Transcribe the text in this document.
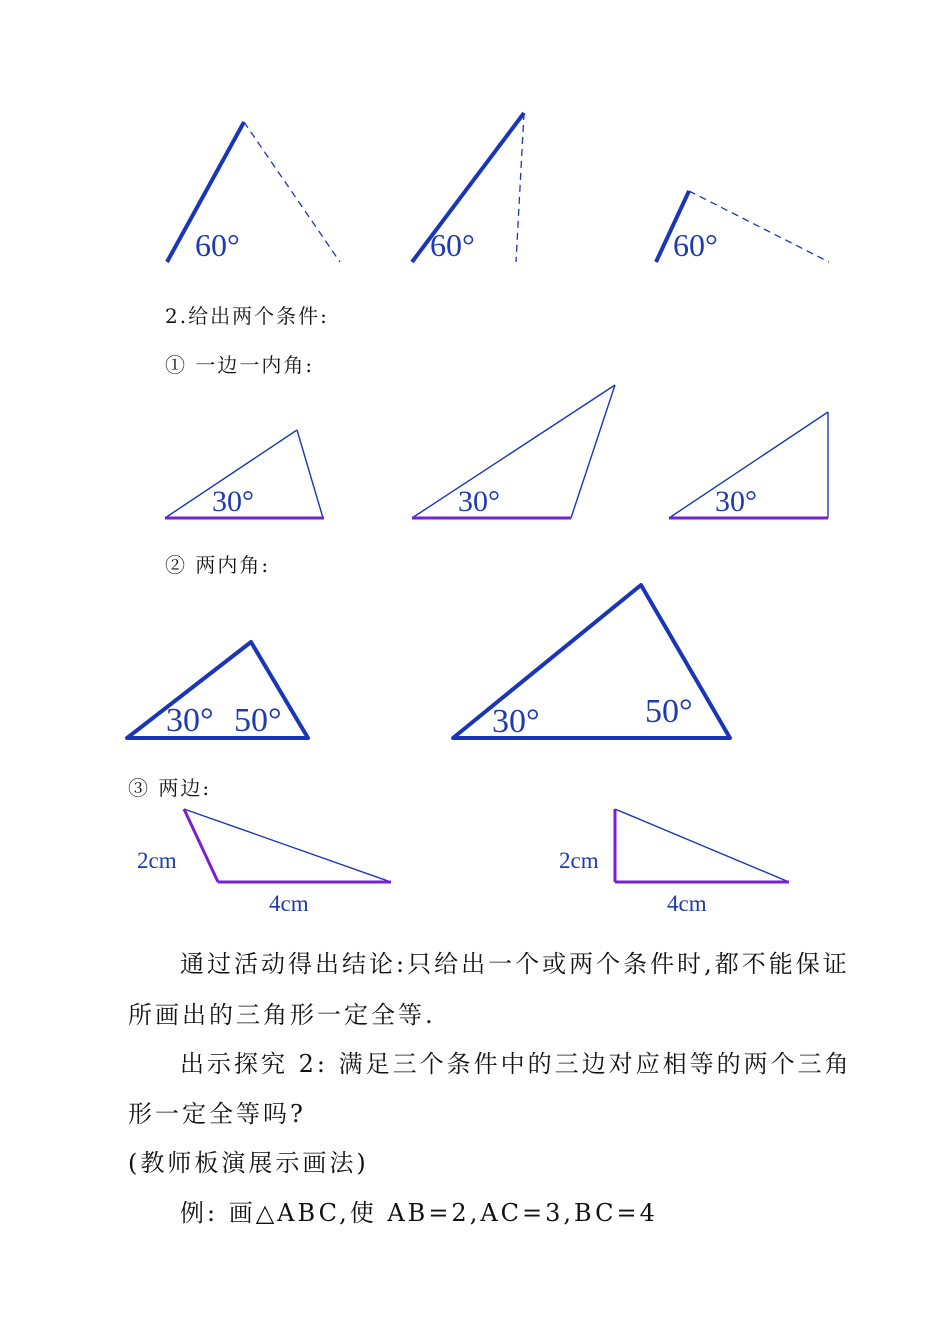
60°	60°	60°
30°	30°	30°
30° 50°	30°	50°
2cm
4cm
2cm
4cm
2.给出两个条件:
① 一边一内角:
② 两内角:
③ 两边:
通过活动得出结论:只给出一个或两个条件时,都不能保证
所画出的三角形一定全等.
出示探究 2: 满足三个条件中的三边对应相等的两个三角
形一定全等吗?
(教师板演展示画法)
例: 画△ABC,使 AB=2,AC=3,BC=4
